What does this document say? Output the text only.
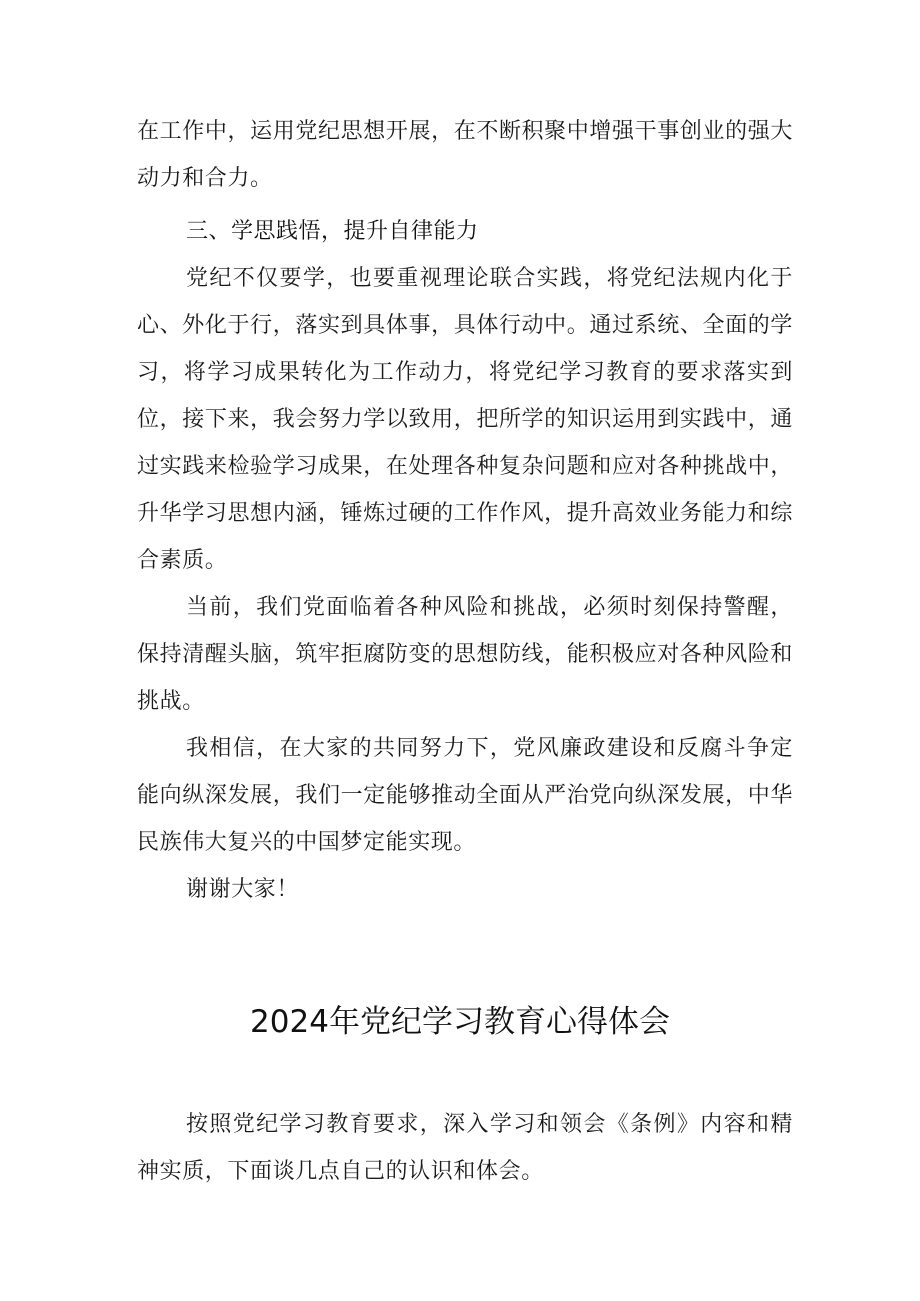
在工作中，运用党纪思想开展，在不断积聚中增强干事创业的强大动力和合力。

三、学思践悟，提升自律能力

党纪不仅要学，也要重视理论联合实践，将党纪法规内化于心、外化于行，落实到具体事，具体行动中。通过系统、全面的学习，将学习成果转化为工作动力，将党纪学习教育的要求落实到位，接下来，我会努力学以致用，把所学的知识运用到实践中，通过实践来检验学习成果，在处理各种复杂问题和应对各种挑战中，升华学习思想内涵，锤炼过硬的工作作风，提升高效业务能力和综合素质。

当前，我们党面临着各种风险和挑战，必须时刻保持警醒，保持清醒头脑，筑牢拒腐防变的思想防线，能积极应对各种风险和挑战。

我相信，在大家的共同努力下，党风廉政建设和反腐斗争定能向纵深发展，我们一定能够推动全面从严治党向纵深发展，中华民族伟大复兴的中国梦定能实现。

谢谢大家！

2024年党纪学习教育心得体会

按照党纪学习教育要求，深入学习和领会《条例》内容和精神实质，下面谈几点自己的认识和体会。
